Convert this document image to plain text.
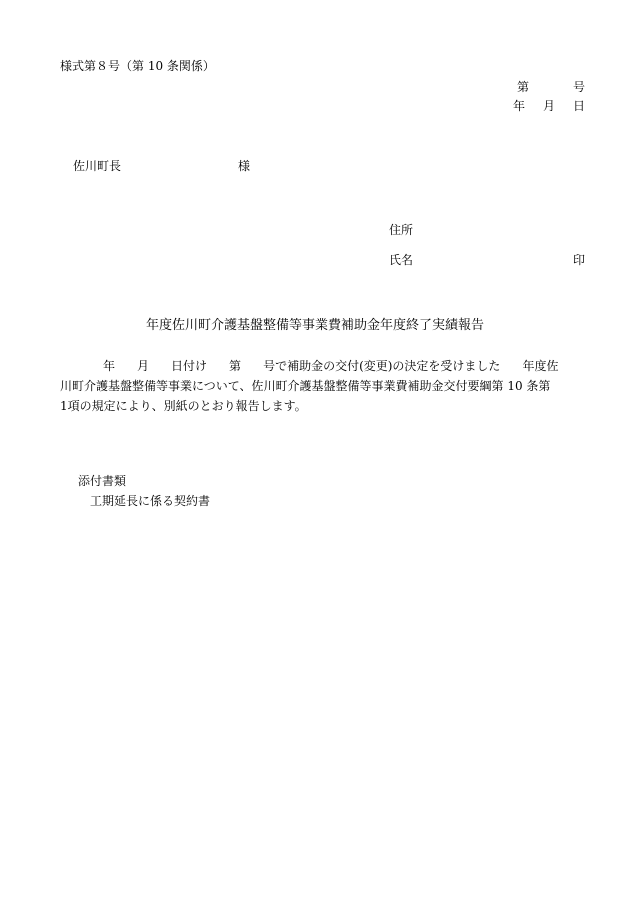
様式第８号（第 10 条関係）
第	号
年 月 日
佐川町長	様
住所
氏名	印
年度佐川町介護基盤整備等事業費補助金年度終了実績報告
年 月 日付け 第 号で補助金の交付(変更)の決定を受けました 年度佐
川町介護基盤整備等事業について、佐川町介護基盤整備等事業費補助金交付要綱第 10 条第
1項の規定により、別紙のとおり報告します。
添付書類
工期延長に係る契約書
